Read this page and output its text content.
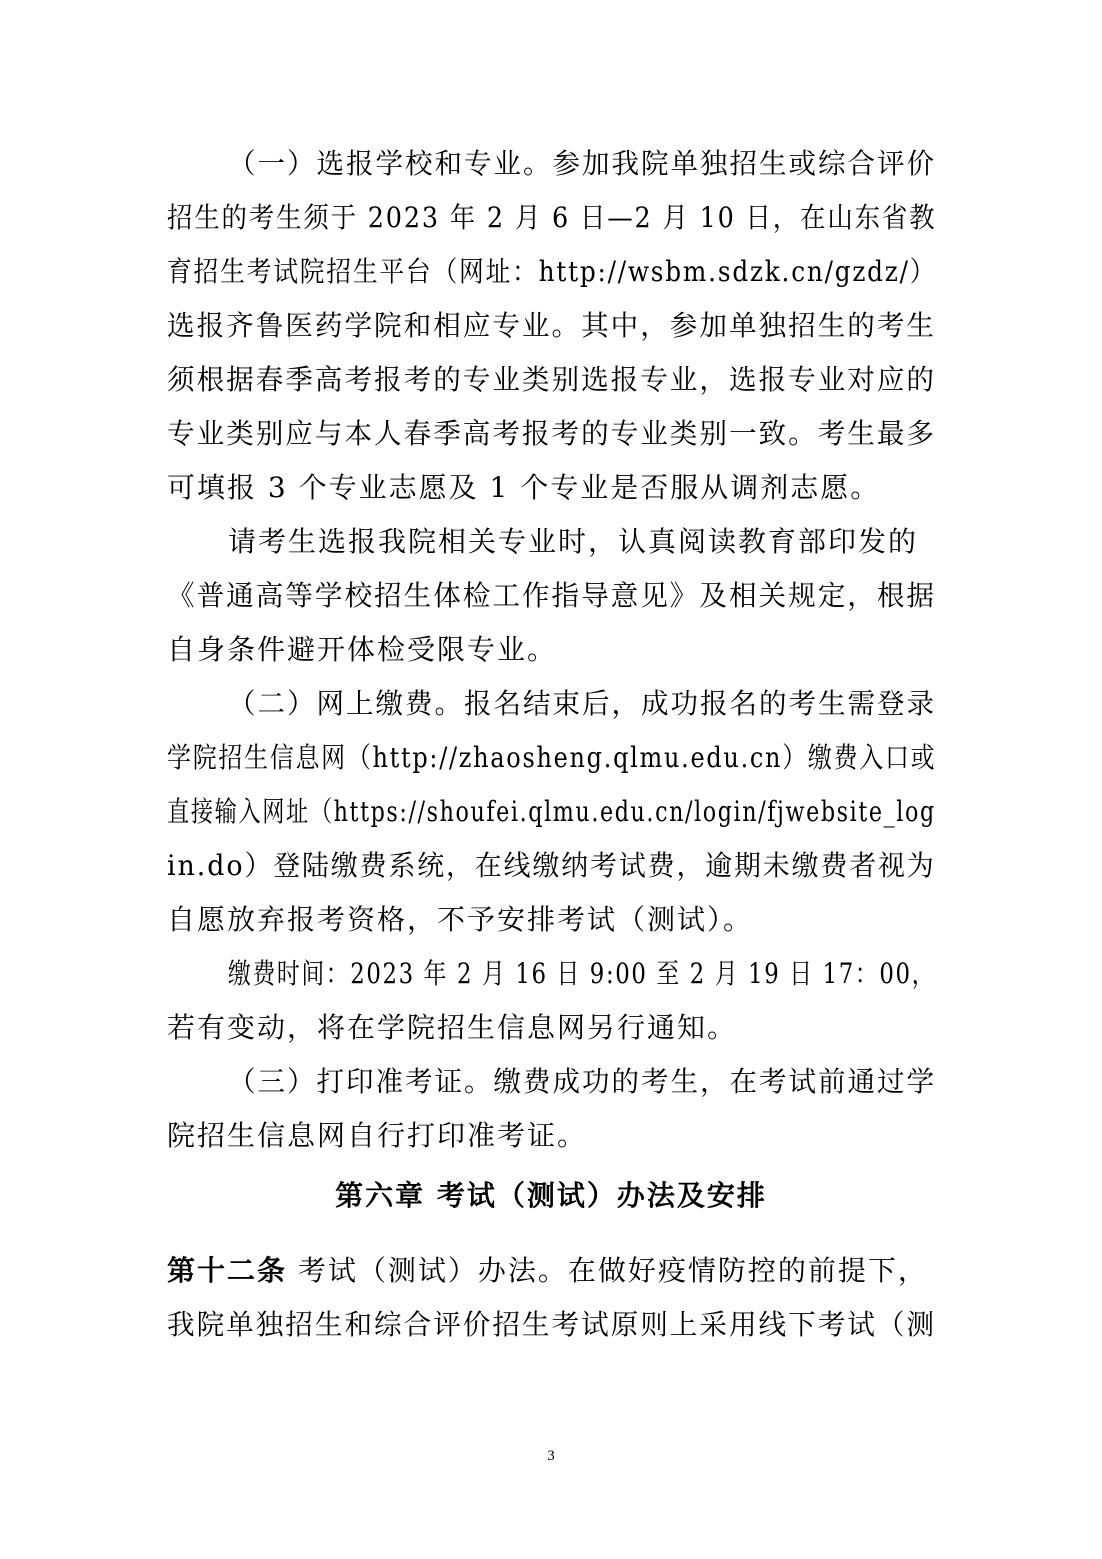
（一）选报学校和专业。参加我院单独招生或综合评价
招生的考生须于 2023 年 2 月 6 日—2 月 10 日，在山东省教
育招生考试院招生平台（网址：http://wsbm.sdzk.cn/gzdz/）
选报齐鲁医药学院和相应专业。其中，参加单独招生的考生
须根据春季高考报考的专业类别选报专业，选报专业对应的
专业类别应与本人春季高考报考的专业类别一致。考生最多
可填报 3 个专业志愿及 1 个专业是否服从调剂志愿。
请考生选报我院相关专业时，认真阅读教育部印发的
《普通高等学校招生体检工作指导意见》及相关规定，根据
自身条件避开体检受限专业。
（二）网上缴费。报名结束后，成功报名的考生需登录
学院招生信息网（http://zhaosheng.qlmu.edu.cn）缴费入口或
直接输入网址（https://shoufei.qlmu.edu.cn/login/fjwebsite_log
in.do）登陆缴费系统，在线缴纳考试费，逾期未缴费者视为
自愿放弃报考资格，不予安排考试（测试）。
缴费时间：2023 年 2 月 16 日 9:00 至 2 月 19 日 17：00，
若有变动，将在学院招生信息网另行通知。
（三）打印准考证。缴费成功的考生，在考试前通过学
院招生信息网自行打印准考证。
第六章 考试（测试）办法及安排
第十二条 考试（测试）办法。在做好疫情防控的前提下，
我院单独招生和综合评价招生考试原则上采用线下考试（测
3
